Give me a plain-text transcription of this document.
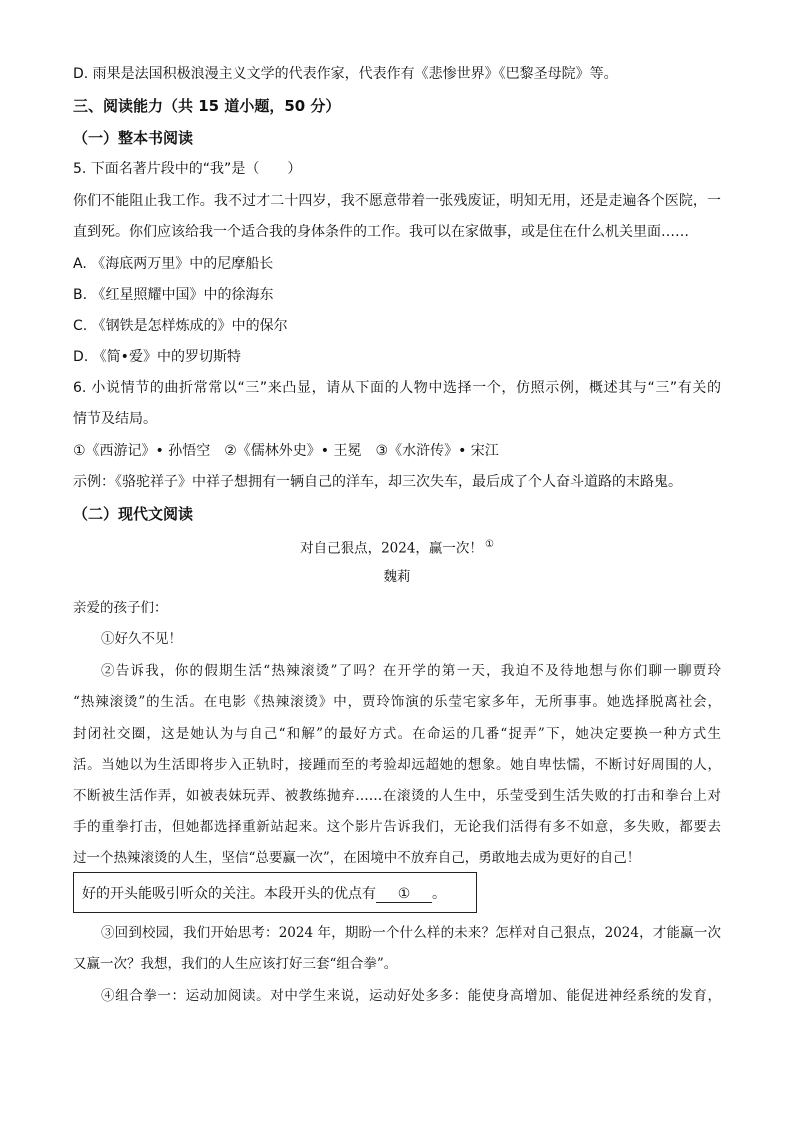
D. 雨果是法国积极浪漫主义文学的代表作家，代表作有《悲惨世界》《巴黎圣母院》等。
三、阅读能力（共 15 道小题，50 分）
（一）整本书阅读
5. 下面名著片段中的“我”是（　　）
你们不能阻止我工作。我不过才二十四岁，我不愿意带着一张残废证，明知无用，还是走遍各个医院，一
直到死。你们应该给我一个适合我的身体条件的工作。我可以在家做事，或是住在什么机关里面……
A. 《海底两万里》中的尼摩船长
B. 《红星照耀中国》中的徐海东
C. 《钢铁是怎样炼成的》中的保尔
D. 《简•爱》中的罗切斯特
6. 小说情节的曲折常常以“三”来凸显，请从下面的人物中选择一个，仿照示例，概述其与“三”有关的
情节及结局。
①《西游记》• 孙悟空　②《儒林外史》• 王冕　③《水浒传》• 宋江
示例：《骆驼祥子》中祥子想拥有一辆自己的洋车，却三次失车，最后成了个人奋斗道路的末路鬼。
（二）现代文阅读
对自己狠点，2024，赢一次！ ①
魏莉
亲爱的孩子们：
①好久不见！
②告诉我，你的假期生活“热辣滚烫”了吗？在开学的第一天，我迫不及待地想与你们聊一聊贾玲
“热辣滚烫”的生活。在电影《热辣滚烫》中，贾玲饰演的乐莹宅家多年，无所事事。她选择脱离社会，
封闭社交圈，这是她认为与自己“和解”的最好方式。在命运的几番“捉弄”下，她决定要换一种方式生
活。当她以为生活即将步入正轨时，接踵而至的考验却远超她的想象。她自卑怯懦，不断讨好周围的人，
不断被生活作弄，如被表妹玩弄、被教练抛弃……在滚烫的人生中，乐莹受到生活失败的打击和拳台上对
手的重拳打击，但她都选择重新站起来。这个影片告诉我们，无论我们活得有多不如意，多失败，都要去
过一个热辣滚烫的人生，坚信“总要赢一次”，在困境中不放弃自己，勇敢地去成为更好的自己！
好的开头能吸引听众的关注。本段开头的优点有 ① 。
③回到校园，我们开始思考：2024 年，期盼一个什么样的未来？怎样对自己狠点，2024，才能赢一次
又赢一次？我想，我们的人生应该打好三套“组合拳”。
④组合拳一：运动加阅读。对中学生来说，运动好处多多：能使身高增加、能促进神经系统的发育，
